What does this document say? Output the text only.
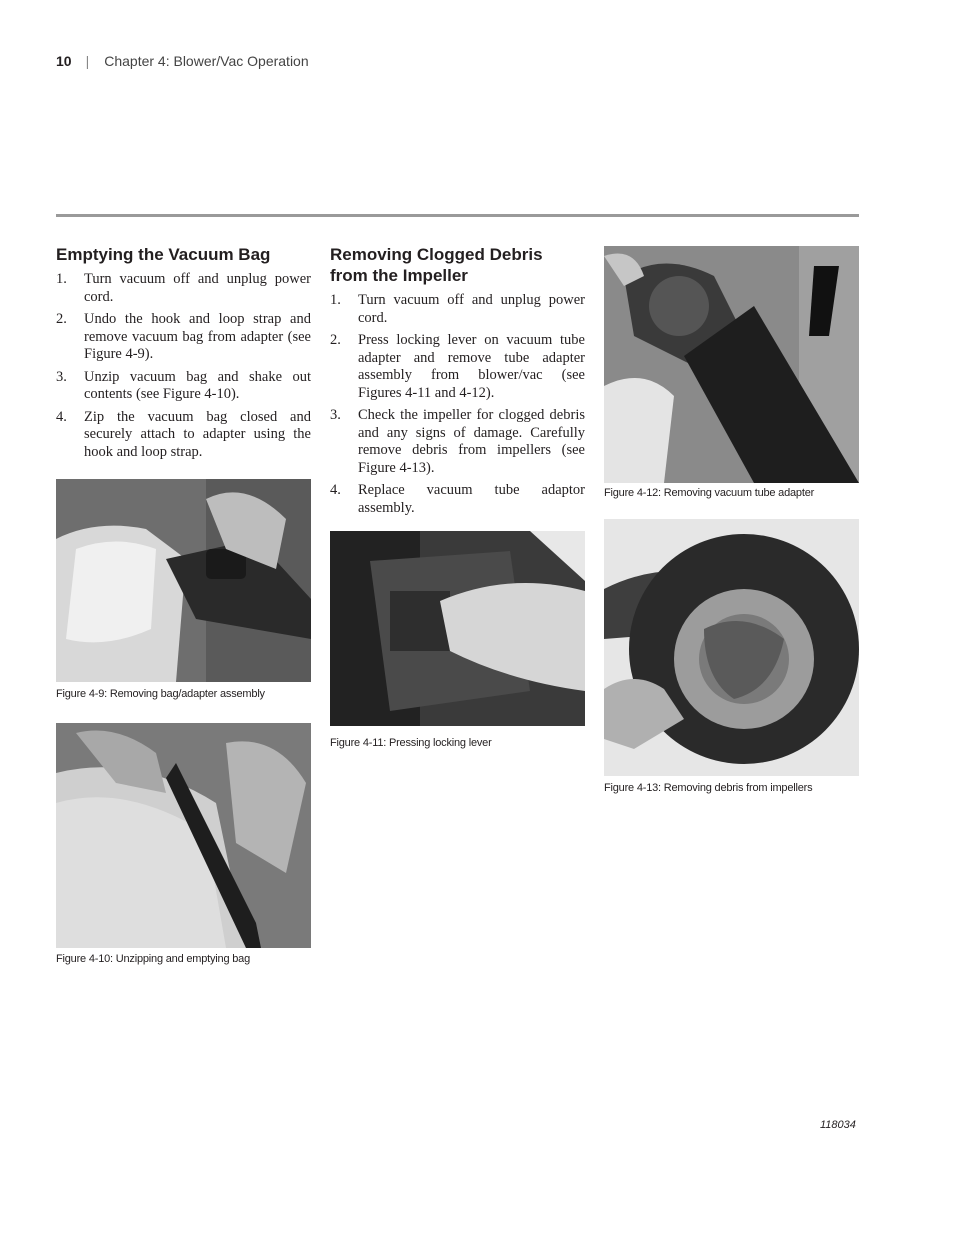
10 | Chapter 4: Blower/Vac Operation
Emptying the Vacuum Bag
1.	Turn vacuum off and unplug power cord.
2.	Undo the hook and loop strap and remove vacuum bag from adapter (see Figure 4-9).
3.	Unzip vacuum bag and shake out contents (see Figure 4-10).
4.	Zip the vacuum bag closed and securely attach to adapter using the hook and loop strap.
Removing Clogged Debris from the Impeller
1.	Turn vacuum off and unplug power cord.
2.	Press locking lever on vacuum tube adapter and remove tube adapter assembly from blower/vac (see Figures 4-11 and 4-12).
3.	Check the impeller for clogged debris and any signs of damage. Carefully remove debris from impellers (see Figure 4-13).
4.	Replace vacuum tube adaptor assembly.
Figure 4-9: Removing bag/adapter assembly
Figure 4-10: Unzipping and emptying bag
Figure 4-11: Pressing locking lever
Figure 4-12: Removing vacuum tube adapter
Figure 4-13: Removing debris from impellers
118034
